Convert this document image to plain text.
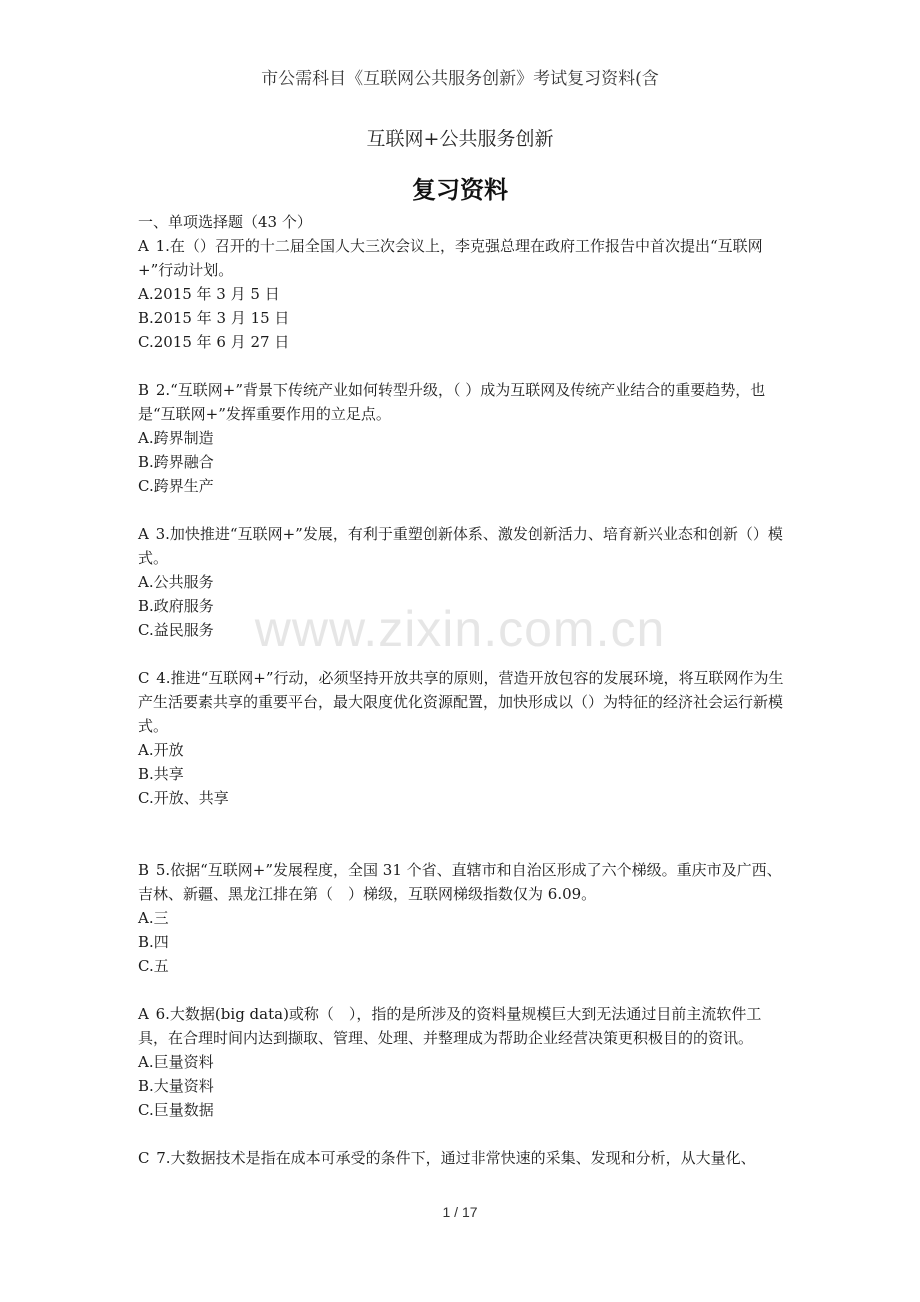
市公需科目《互联网公共服务创新》考试复习资料(含
互联网+公共服务创新
复习资料

一、单项选择题（43 个）

A 1.在（）召开的十二届全国人大三次会议上，李克强总理在政府工作报告中首次提出“互联网+”行动计划。

A.2015 年 3 月 5 日

B.2015 年 3 月 15 日

C.2015 年 6 月 27 日

B 2.“互联网+”背景下传统产业如何转型升级，（ ）成为互联网及传统产业结合的重要趋势，也是“互联网+”发挥重要作用的立足点。

A.跨界制造

B.跨界融合

C.跨界生产

A 3.加快推进“互联网+”发展，有利于重塑创新体系、激发创新活力、培育新兴业态和创新（）模式。

A.公共服务

B.政府服务

C.益民服务

C 4.推进“互联网+”行动，必须坚持开放共享的原则，营造开放包容的发展环境，将互联网作为生产生活要素共享的重要平台，最大限度优化资源配置，加快形成以（）为特征的经济社会运行新模式。

A.开放

B.共享

C.开放、共享

B 5.依据“互联网+”发展程度，全国 31 个省、直辖市和自治区形成了六个梯级。重庆市及广西、吉林、新疆、黑龙江排在第（　）梯级，互联网梯级指数仅为 6.09。

A.三

B.四

C.五

A 6.大数据(big data)或称（　），指的是所涉及的资料量规模巨大到无法通过目前主流软件工具，在合理时间内达到撷取、管理、处理、并整理成为帮助企业经营决策更积极目的的资讯。

A.巨量资料

B.大量资料

C.巨量数据

C 7.大数据技术是指在成本可承受的条件下，通过非常快速的采集、发现和分析，从大量化、

www.zixin.com.cn
1 / 17
